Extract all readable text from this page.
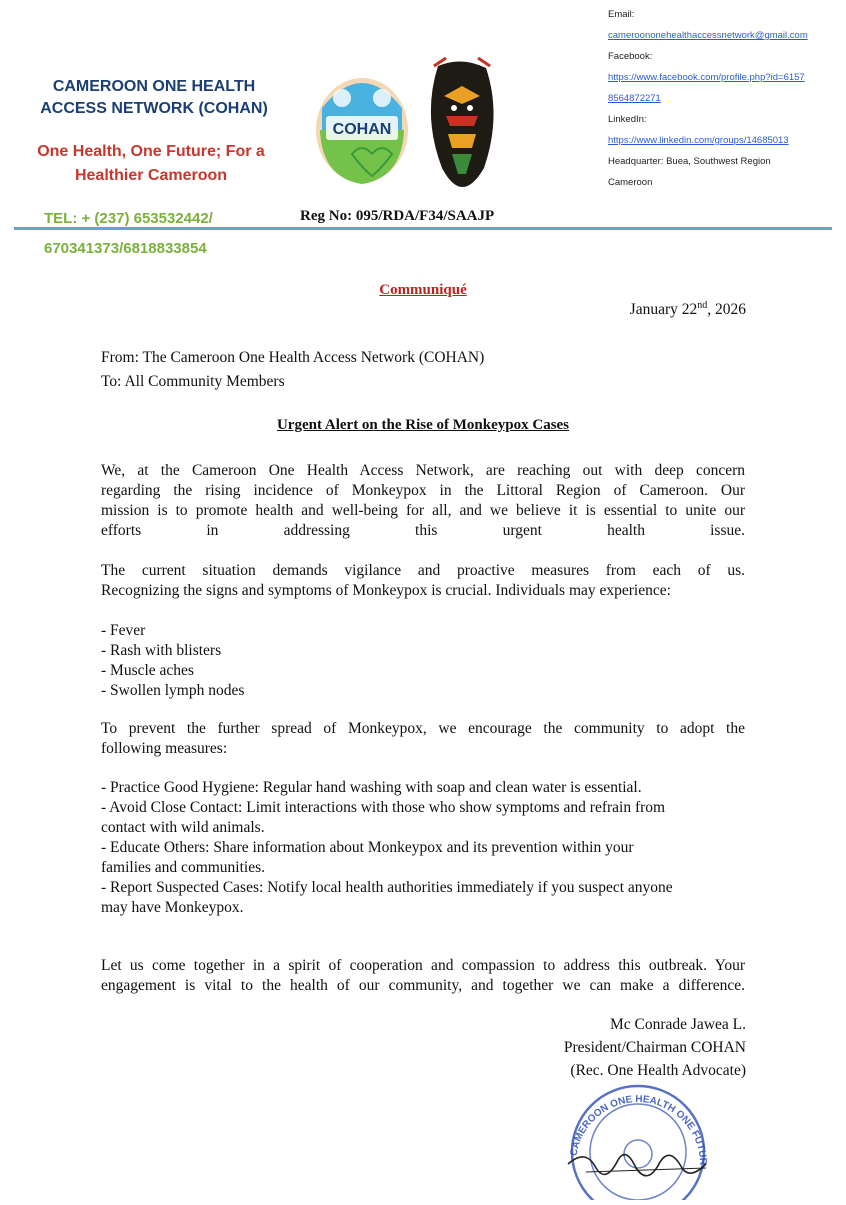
CAMEROON ONE HEALTH ACCESS NETWORK (COHAN)
One Health, One Future; For a Healthier Cameroon
TEL: + (237) 653532442/
670341373/6818833854
Reg No: 095/RDA/F34/SAAJP
COHAN
Email:
cameroononehealthaccessnetwork@gmail.com
Facebook:
https://www.facebook.com/profile.php?id=6157
8564872271
LinkedIn:
https://www.linkedin.com/groups/14685013
Headquarter: Buea, Southwest Region
Cameroon
Communiqué
January 22nd, 2026
From: The Cameroon One Health Access Network (COHAN)
To: All Community Members
Urgent Alert on the Rise of Monkeypox Cases
We, at the Cameroon One Health Access Network, are reaching out with deep concern
regarding the rising incidence of Monkeypox in the Littoral Region of Cameroon. Our
mission is to promote health and well-being for all, and we believe it is essential to unite our
efforts in addressing this urgent health issue.
The current situation demands vigilance and proactive measures from each of us.
Recognizing the signs and symptoms of Monkeypox is crucial. Individuals may experience:
- Fever
- Rash with blisters
- Muscle aches
- Swollen lymph nodes
To prevent the further spread of Monkeypox, we encourage the community to adopt the
following measures:
- Practice Good Hygiene: Regular hand washing with soap and clean water is essential.
- Avoid Close Contact: Limit interactions with those who show symptoms and refrain from
contact with wild animals.
- Educate Others: Share information about Monkeypox and its prevention within your
families and communities.
- Report Suspected Cases: Notify local health authorities immediately if you suspect anyone
may have Monkeypox.
Let us come together in a spirit of cooperation and compassion to address this outbreak. Your
engagement is vital to the health of our community, and together we can make a difference.
Mc Conrade Jawea L.
President/Chairman COHAN
(Rec. One Health Advocate)
CAMEROON ONE HEALTH ONE FUTUR
